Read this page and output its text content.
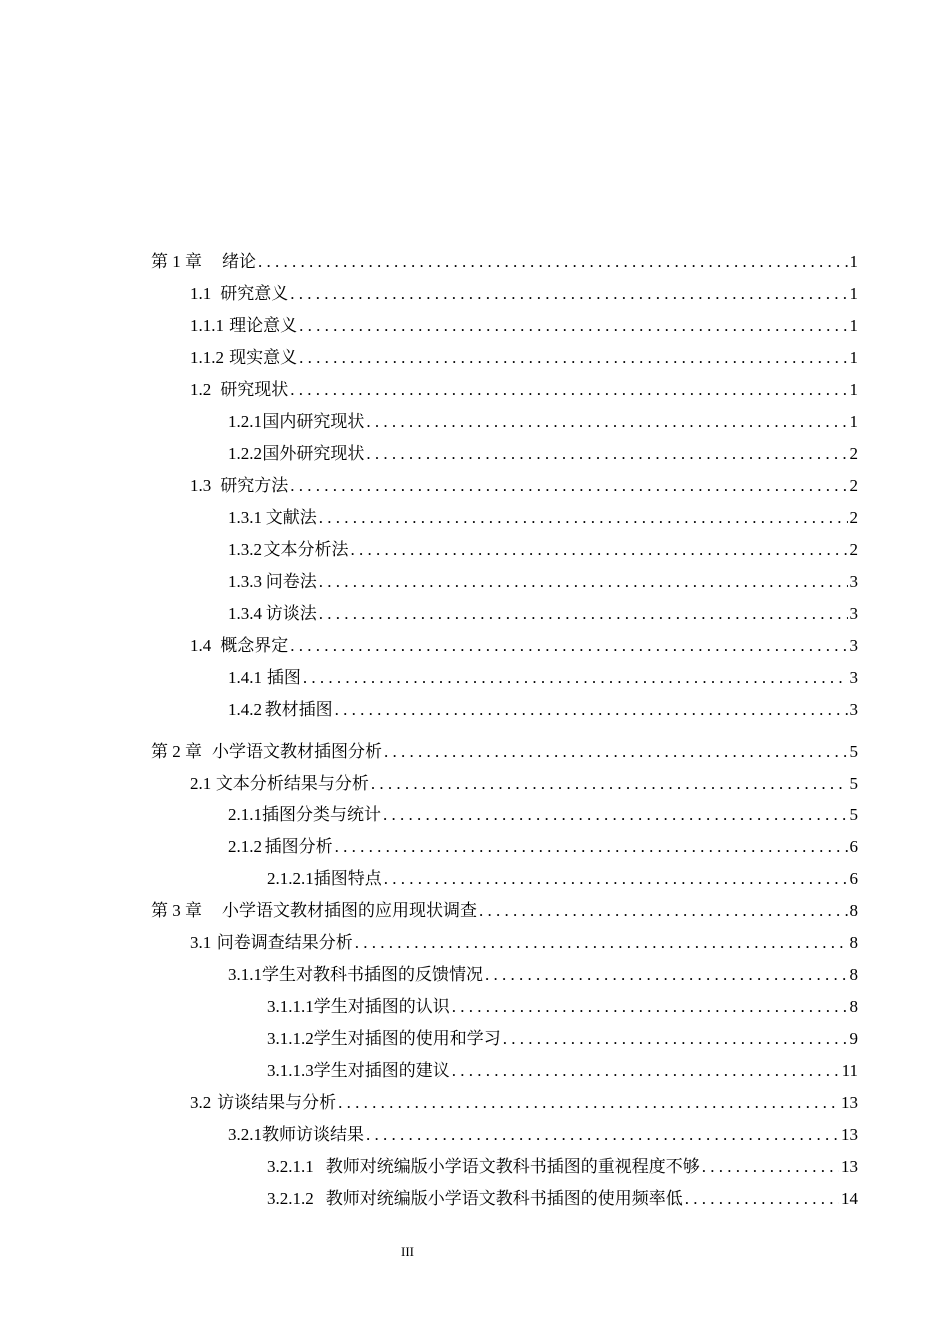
第 1 章 绪论 . . .	1
1.1 研究意义 . . .	1
1.1.1 理论意义 . . .	1
1.1.2 现实意义 . . .	1
1.2 研究现状 . . .	1
1.2.1 国内研究现状 . . .	1
1.2.2 国外研究现状 . . .	2
1.3 研究方法 . . .	2
1.3.1 文献法 . . .	2
1.3.2 文本分析法 . . .	2
1.3.3 问卷法 . . .	3
1.3.4 访谈法 . . .	3
1.4 概念界定 . . .	3
1.4.1 插图 . . .	3
1.4.2 教材插图 . . .	3
第 2 章 小学语文教材插图分析 . . .	5
2.1 文本分析结果与分析 . . .	5
2.1.1 插图分类与统计 . . .	5
2.1.2 插图分析 . . .	6
2.1.2.1 插图特点 . . .	6
第 3 章 小学语文教材插图的应用现状调查 . . .	8
3.1 问卷调查结果分析 . . .	8
3.1.1 学生对教科书插图的反馈情况 . . .	8
3.1.1.1 学生对插图的认识 . . .	8
3.1.1.2 学生对插图的使用和学习 . . .	9
3.1.1.3 学生对插图的建议 . . .	11
3.2 访谈结果与分析 . . .	13
3.2.1 教师访谈结果 . . .	13
3.2.1.1 教师对统编版小学语文教科书插图的重视程度不够 . . .	13
3.2.1.2 教师对统编版小学语文教科书插图的使用频率低 . . .	14
III
